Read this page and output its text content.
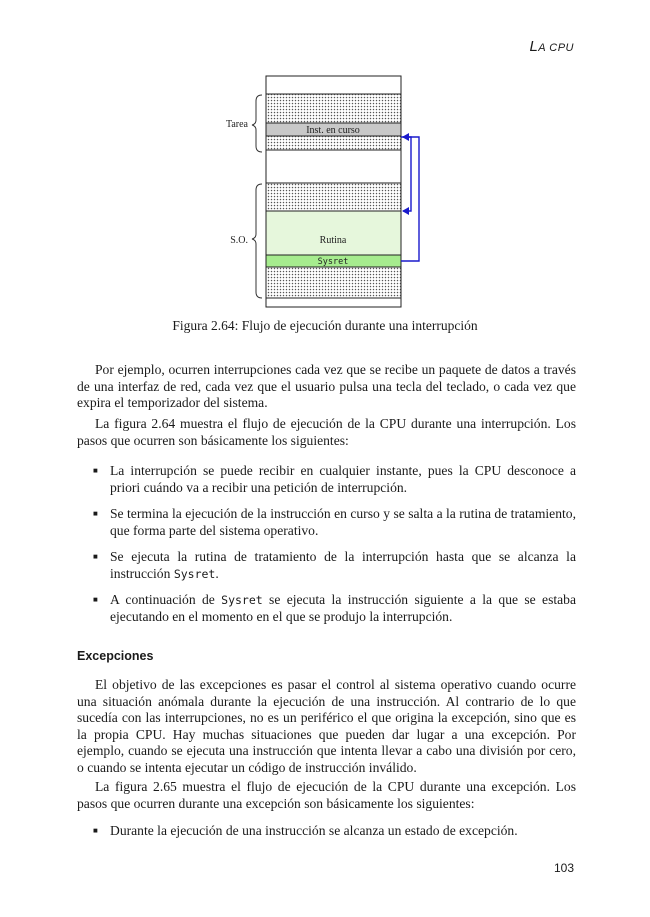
LA CPU
Tarea
S.O.
Inst. en curso
Rutina
Sysret
Figura 2.64: Flujo de ejecución durante una interrupción

Por ejemplo, ocurren interrupciones cada vez que se recibe un paquete de datos a través de una interfaz de red, cada vez que el usuario pulsa una tecla del teclado, o cada vez que expira el temporizador del sistema.

La figura 2.64 muestra el flujo de ejecución de la CPU durante una interrupción. Los pasos que ocurren son básicamente los siguientes:

■ La interrupción se puede recibir en cualquier instante, pues la CPU desconoce a priori cuándo va a recibir una petición de interrupción.
■ Se termina la ejecución de la instrucción en curso y se salta a la rutina de tratamiento, que forma parte del sistema operativo.
■ Se ejecuta la rutina de tratamiento de la interrupción hasta que se alcanza la instrucción Sysret.
■ A continuación de Sysret se ejecuta la instrucción siguiente a la que se estaba ejecutando en el momento en el que se produjo la interrupción.
Excepciones

El objetivo de las excepciones es pasar el control al sistema operativo cuando ocurre una situación anómala durante la ejecución de una instrucción. Al contrario de lo que sucedía con las interrupciones, no es un periférico el que origina la excepción, sino que es la propia CPU. Hay muchas situaciones que pueden dar lugar a una excepción. Por ejemplo, cuando se ejecuta una instrucción que intenta llevar a cabo una división por cero, o cuando se intenta ejecutar un código de instrucción inválido.

La figura 2.65 muestra el flujo de ejecución de la CPU durante una excepción. Los pasos que ocurren durante una excepción son básicamente los siguientes:

■ Durante la ejecución de una instrucción se alcanza un estado de excepción.
103
